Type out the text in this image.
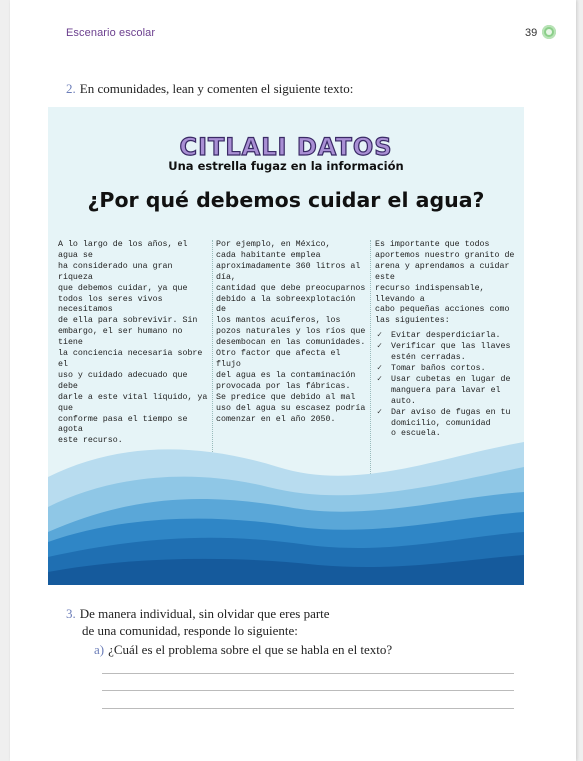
Escenario escolar	39
2. En comunidades, lean y comenten el siguiente texto:
CITLALI DATOS
Una estrella fugaz en la información
¿Por qué debemos cuidar el agua?

A lo largo de los años, el agua se

ha considerado una gran riqueza

que debemos cuidar, ya que

todos los seres vivos necesitamos

de ella para sobrevivir. Sin

embargo, el ser humano no tiene

la conciencia necesaria sobre el

uso y cuidado adecuado que debe

darle a este vital líquido, ya que

conforme pasa el tiempo se agota

este recurso.

Por ejemplo, en México,

cada habitante emplea

aproximadamente 360 litros al día,

cantidad que debe preocuparnos

debido a la sobreexplotación de

los mantos acuíferos, los

pozos naturales y los ríos que

desembocan en las comunidades.

Otro factor que afecta el flujo

del agua es la contaminación

provocada por las fábricas.

Se predice que debido al mal

uso del agua su escasez podría

comenzar en el año 2050.

Es importante que todos

aportemos nuestro granito de

arena y aprendamos a cuidar este

recurso indispensable, llevando a

cabo pequeñas acciones como

las siguientes:

✓ Evitar desperdiciarla.
✓ Verificar que las llaves
estén cerradas.
✓ Tomar baños cortos.
✓ Usar cubetas en lugar de
manguera para lavar el auto.
✓ Dar aviso de fugas en tu
domicilio, comunidad
o escuela.
3. De manera individual, sin olvidar que eres parte
de una comunidad, responde lo siguiente:
a) ¿Cuál es el problema sobre el que se habla en el texto?
